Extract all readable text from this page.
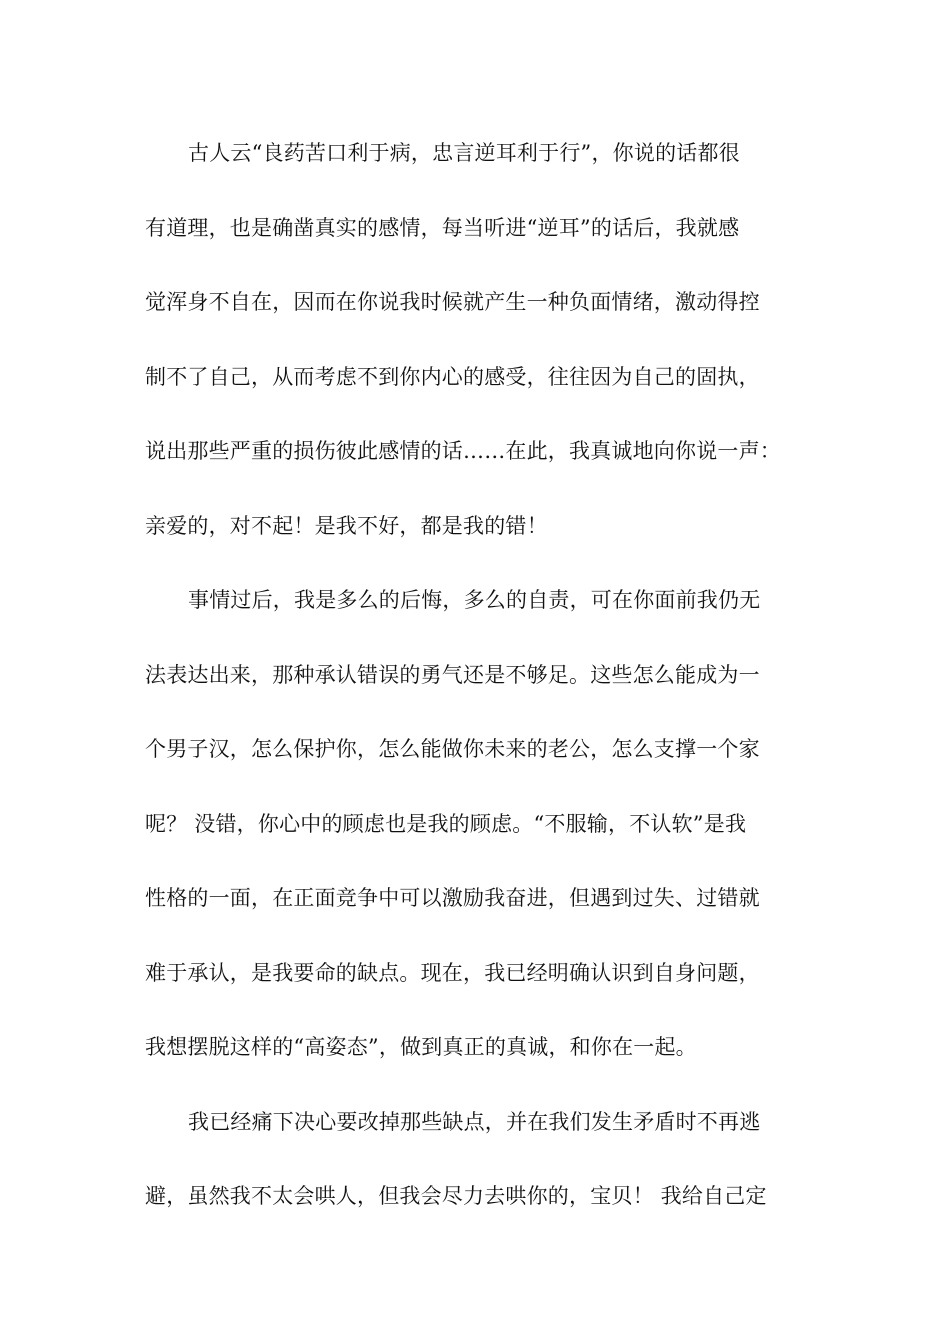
古人云“良药苦口利于病，忠言逆耳利于行”，你说的话都很
有道理，也是确凿真实的感情，每当听进“逆耳”的话后，我就感
觉浑身不自在，因而在你说我时候就产生一种负面情绪，激动得控
制不了自己，从而考虑不到你内心的感受，往往因为自己的固执，
说出那些严重的损伤彼此感情的话……在此，我真诚地向你说一声：
亲爱的，对不起！是我不好，都是我的错！
事情过后，我是多么的后悔，多么的自责，可在你面前我仍无
法表达出来，那种承认错误的勇气还是不够足。这些怎么能成为一
个男子汉，怎么保护你，怎么能做你未来的老公，怎么支撑一个家
呢？ 没错，你心中的顾虑也是我的顾虑。“不服输，不认软”是我
性格的一面，在正面竞争中可以激励我奋进，但遇到过失、过错就
难于承认，是我要命的缺点。现在，我已经明确认识到自身问题，
我想摆脱这样的“高姿态”，做到真正的真诚，和你在一起。
我已经痛下决心要改掉那些缺点，并在我们发生矛盾时不再逃
避，虽然我不太会哄人，但我会尽力去哄你的，宝贝！ 我给自己定
